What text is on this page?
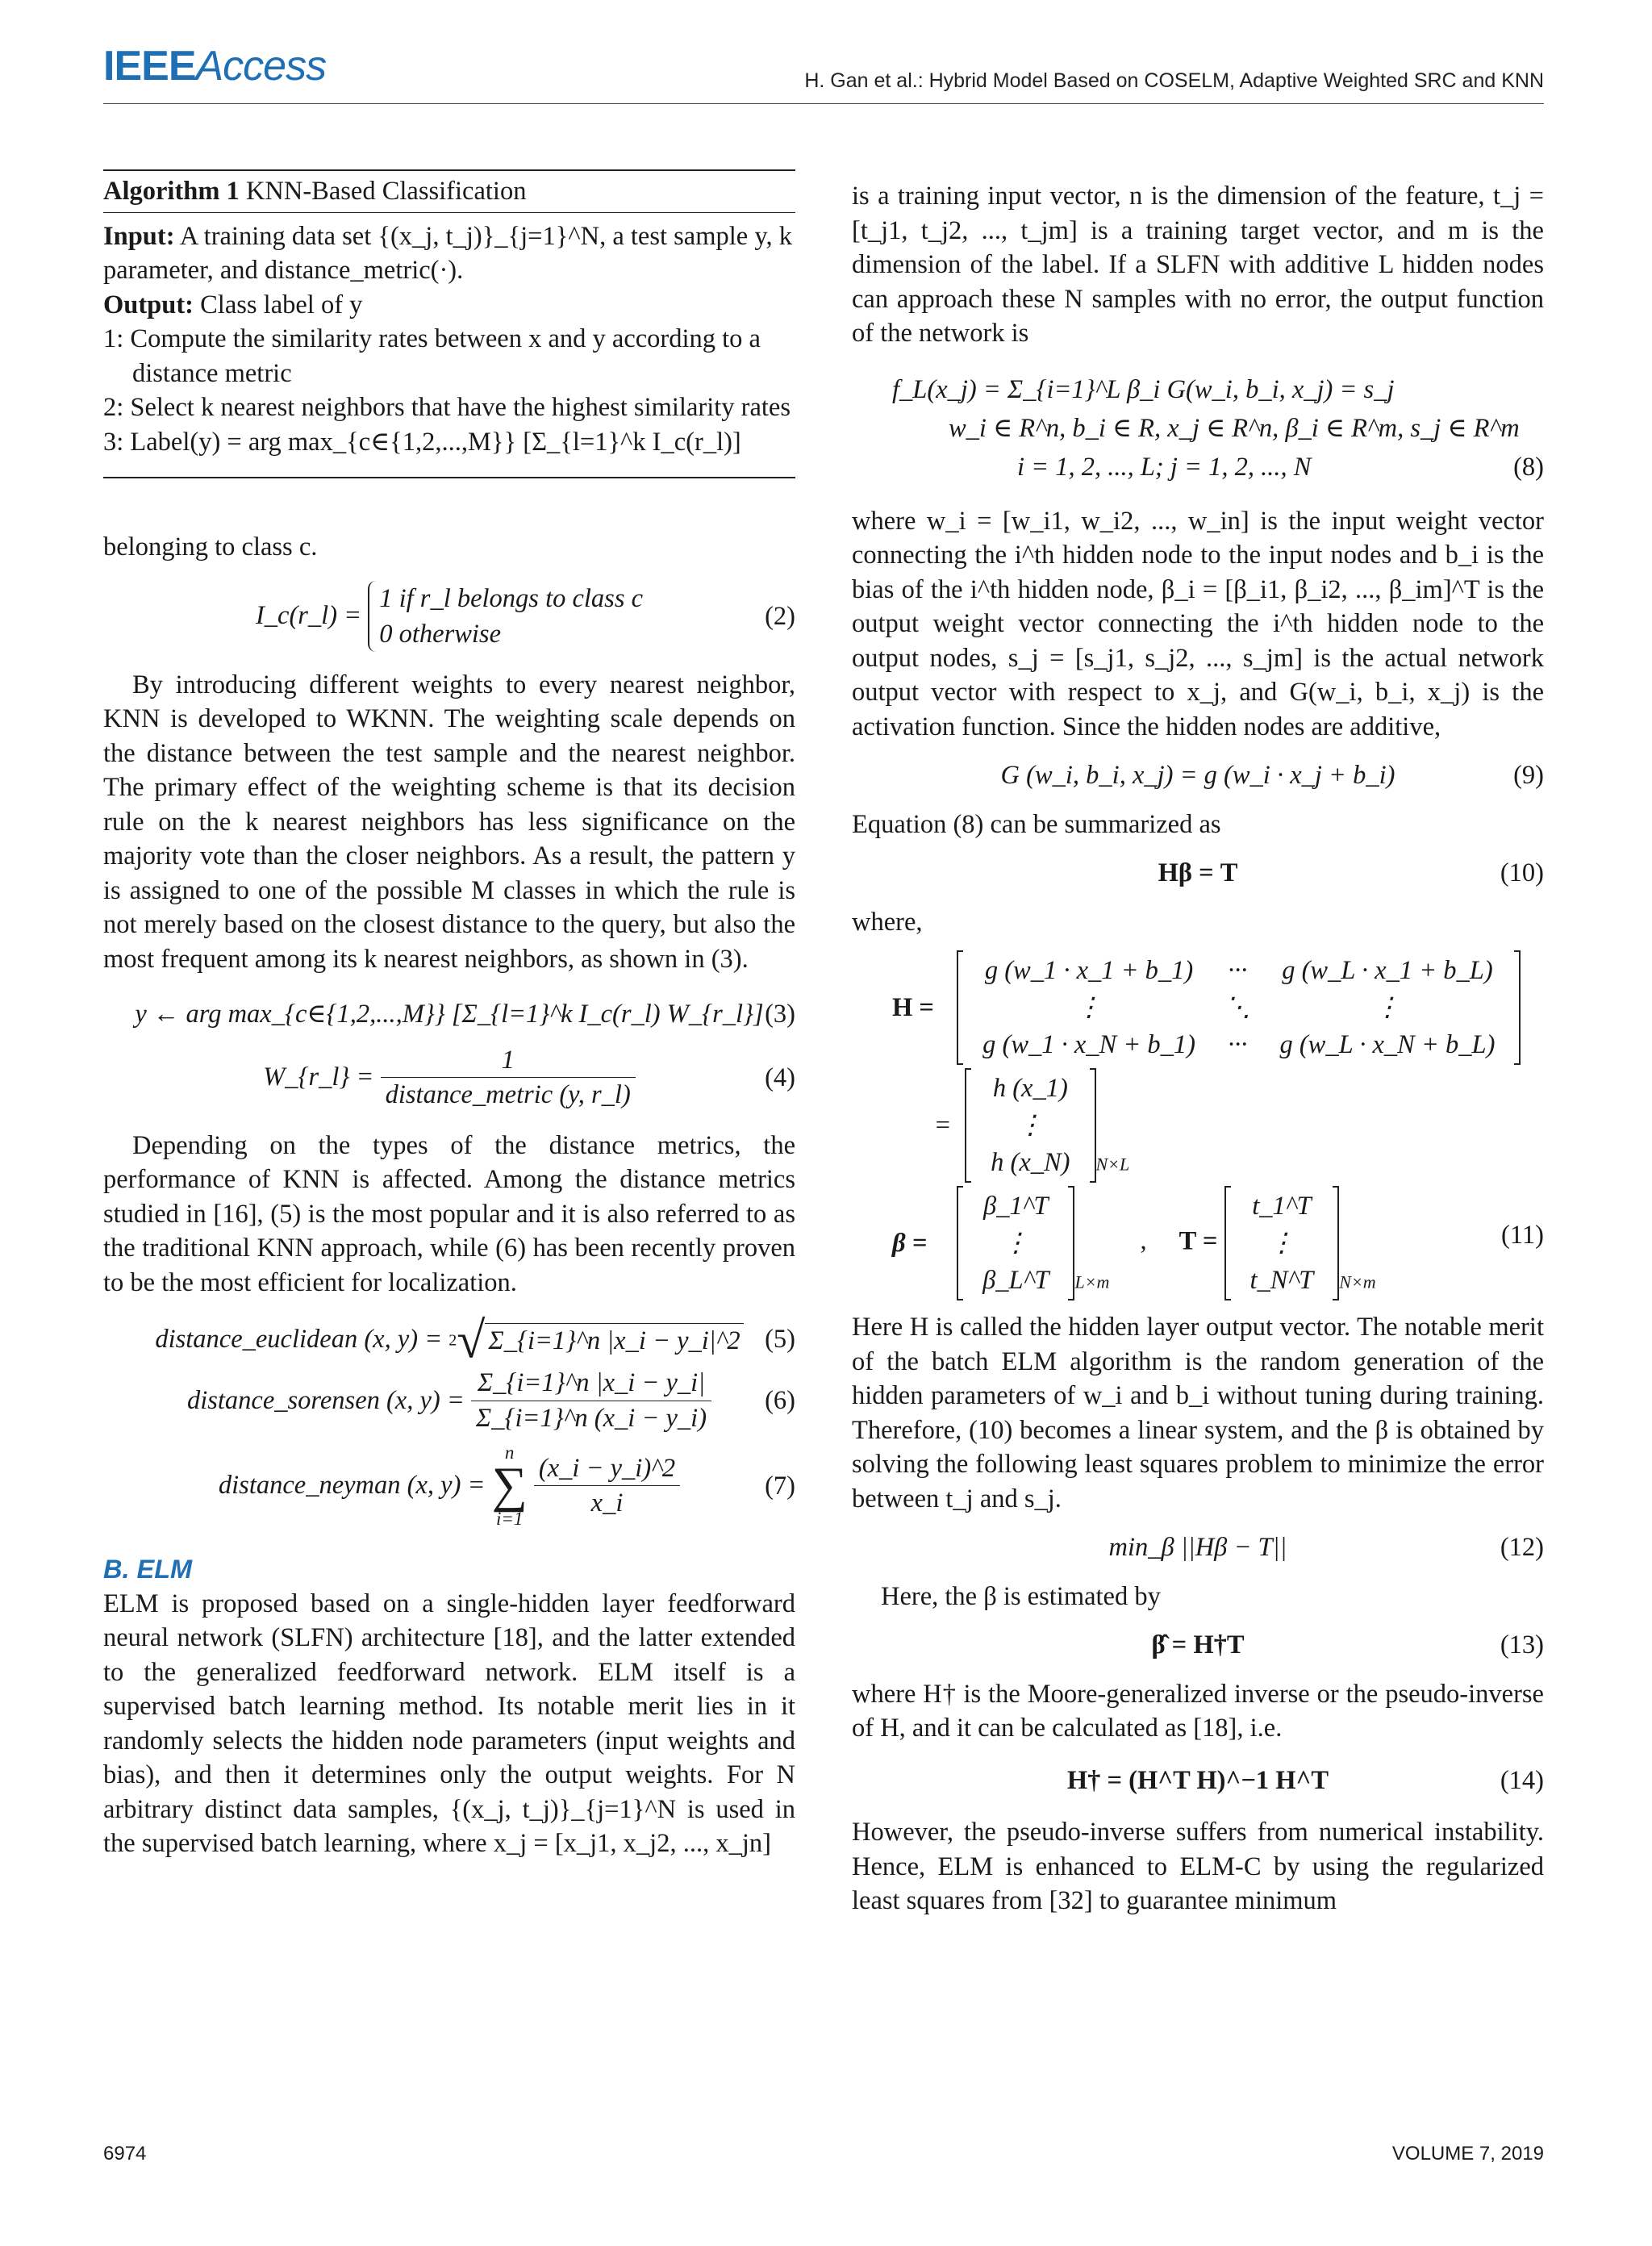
IEEEAccess	H. Gan et al.: Hybrid Model Based on COSELM, Adaptive Weighted SRC and KNN
Algorithm 1 KNN-Based Classification
Input: A training data set {(x_j, t_j)}_{j=1}^N, a test sample y, k parameter, and distance_metric(·).
Output: Class label of y
1: Compute the similarity rates between x and y according to a distance metric
2: Select k nearest neighbors that have the highest similarity rates
3: Label(y) = arg max_{c∈{1,2,...,M}} [Σ_{l=1}^k I_c(r_l)]

belonging to class c.

I_c(r_l) =
1 if r_l belongs to class c
0 otherwise
(2)

By introducing different weights to every nearest neighbor, KNN is developed to WKNN. The weighting scale depends on the distance between the test sample and the nearest neighbor. The primary effect of the weighting scheme is that its decision rule on the k nearest neighbors has less significance on the majority vote than the closer neighbors. As a result, the pattern y is assigned to one of the possible M classes in which the rule is not merely based on the closest distance to the query, but also the most frequent among its k nearest neighbors, as shown in (3).

y ← arg max_{c∈{1,2,...,M}} [Σ_{l=1}^k I_c(r_l) W_{r_l}] (3)
W_{r_l} = $\frac{1}{\text{distance\_metric (y, r\_l)}}$	(4)

Depending on the types of the distance metrics, the performance of KNN is affected. Among the distance metrics studied in [16], (5) is the most popular and it is also referred to as the traditional KNN approach, while (6) has been recently proven to be the most efficient for localization.

distance_euclidean (x, y) = 2√ Σ_{i=1}^n |x_i − y_i|^2 (5)
distance_sorensen (x, $y) = \frac{\Sigma\_\{i=1\}\^{}n |x\_i - y\_i|}{\Sigma\_\{i=1\}\^{}n (x\_i - y\_i)} (6)$
distance_neyman (x, y) =
n
∑
i=1
$\frac{(x\_i - y\_i)\^{}2}{x\_i}$	(7)
B. ELM

ELM is proposed based on a single-hidden layer feedforward neural network (SLFN) architecture [18], and the latter extended to the generalized feedforward network. ELM itself is a supervised batch learning method. Its notable merit lies in it randomly selects the hidden node parameters (input weights and bias), and then it determines only the output weights. For N arbitrary distinct data samples, {(x_j, t_j)}_{j=1}^N is used in the supervised batch learning, where x_j = [x_j1, x_j2, ..., x_jn]

is a training input vector, n is the dimension of the feature, t_j = [t_j1, t_j2, ..., t_jm] is a training target vector, and m is the dimension of the label. If a SLFN with additive L hidden nodes can approach these N samples with no error, the output function of the network is

f_L(x_j) = Σ_{i=1}^L β_i G(w_i, b_i, x_j) = s_j
w_i ∈ R^n, b_i ∈ R, x_j ∈ R^n, β_i ∈ R^m, s_j ∈ R^m
i = 1, 2, ..., L; j = 1, 2, ..., N	(8)

where w_i = [w_i1, w_i2, ..., w_in] is the input weight vector connecting the i^th hidden node to the input nodes and b_i is the bias of the i^th hidden node, β_i = [β_i1, β_i2, ..., β_im]^T is the output weight vector connecting the i^th hidden node to the output nodes, s_j = [s_j1, s_j2, ..., s_jm] is the actual network output vector with respect to x_j, and G(w_i, b_i, x_j) is the activation function. Since the hidden nodes are additive,

G (w_i, b_i, x_j) = g (w_i · x_j + b_i)	(9)

Equation (8) can be summarized as

Hβ = T	(10)

where,

H =
g (w_1 · x_1 + b_1)	···	g (w_L · x_1 + b_L)
⋮	⋱	⋮
g (w_1 · x_N + b_1)	···	g (w_L · x_N + b_L)
=
h (x_1)
⋮
h (x_N) $_{N\times L}$
β =
β_1^T
⋮
β_L^T $_{L\times m}$ , T =
t_1^T
⋮
t_N^T $_{N\times m}$
(11)

Here H is called the hidden layer output vector. The notable merit of the batch ELM algorithm is the random generation of the hidden parameters of w_i and b_i without tuning during training. Therefore, (10) becomes a linear system, and the β is obtained by solving the following least squares problem to minimize the error between t_j and s_j.

min_β ||Hβ − T||	(12)

Here, the β is estimated by

β̂ = H†T	(13)

where H† is the Moore-generalized inverse or the pseudo-inverse of H, and it can be calculated as [18], i.e.

H† = (H^T H)^−1 H^T	(14)

However, the pseudo-inverse suffers from numerical instability. Hence, ELM is enhanced to ELM-C by using the regularized least squares from [32] to guarantee minimum

6974	VOLUME 7, 2019
